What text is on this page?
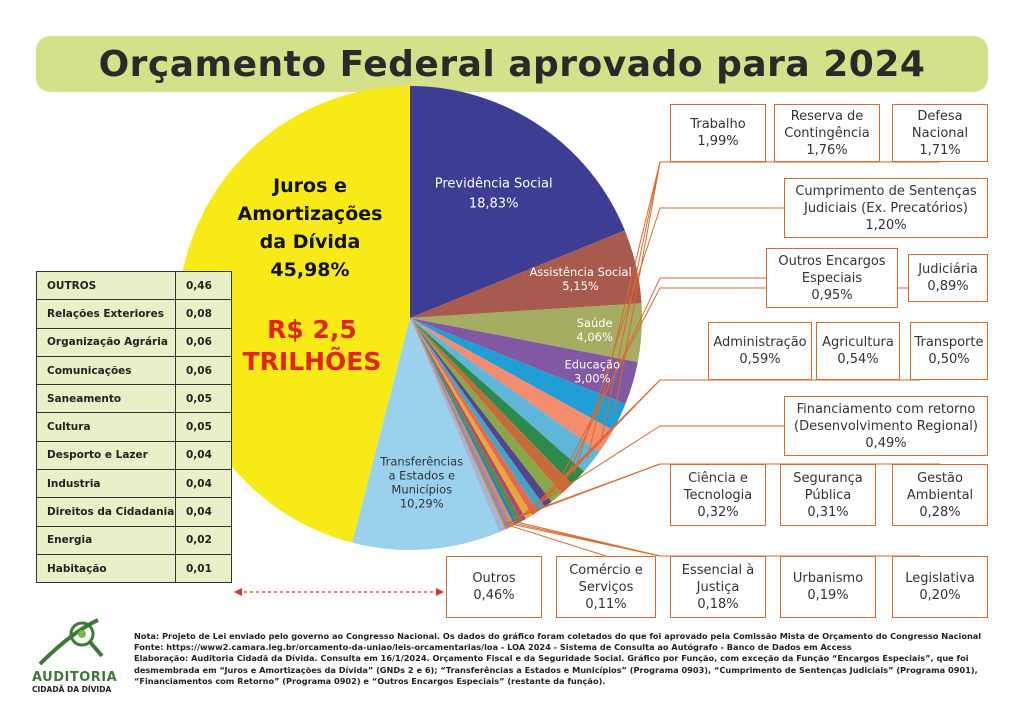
Orçamento Federal aprovado para 2024
Previdência Social 18,83%
Assistência Social 5,15%
Saúde 4,06%
Educação 3,00%
Transferências a Estados e Municípios 10,29%
Juros e
Amortizações
da Dívida
45,98%
R$ 2,5
TRILHÕES
OUTROS	0,46
Relações Exteriores	0,08
Organização Agrária	0,06
Comunicações	0,06
Saneamento	0,05
Cultura	0,05
Desporto e Lazer	0,04
Industria	0,04
Direitos da Cidadania	0,04
Energia	0,02
Habitação	0,01
Trabalho
1,99%
Reserva de
Contingência
1,76%
Defesa
Nacional
1,71%
Cumprimento de Sentenças
Judiciais (Ex. Precatórios)
1,20%
Outros Encargos
Especiais
0,95%
Judiciária
0,89%
Administração
0,59%
Agricultura
0,54%
Transporte
0,50%
Financiamento com retorno
(Desenvolvimento Regional)
0,49%
Ciência e
Tecnologia
0,32%
Segurança
Pública
0,31%
Gestão
Ambiental
0,28%
Outros
0,46%
Comércio e
Serviços
0,11%
Essencial à
Justiça
0,18%
Urbanismo
0,19%
Legislativa
0,20%
AUDITORIA
CIDADÃ DA DÍVIDA

Nota: Projeto de Lei enviado pelo governo ao Congresso Nacional. Os dados do gráfico foram coletados do que foi aprovado pela Comissão Mista de Orçamento do Congresso Nacional

Fonte: https://www2.camara.leg.br/orcamento-da-uniao/leis-orcamentarias/loa - LOA 2024 - Sistema de Consulta ao Autógrafo - Banco de Dados em Access

Elaboração: Auditoria Cidadã da Dívida. Consulta em 16/1/2024. Orçamento Fiscal e da Seguridade Social. Gráfico por Função, com exceção da Função “Encargos Especiais”, que foi desmembrada em “Juros e Amortizações da Dívida” (GNDs 2 e 6); “Transferências a Estados e Municípios” (Programa 0903), “Cumprimento de Sentenças Judiciais” (Programa 0901), “Financiamentos com Retorno” (Programa 0902) e “Outros Encargos Especiais” (restante da função).
